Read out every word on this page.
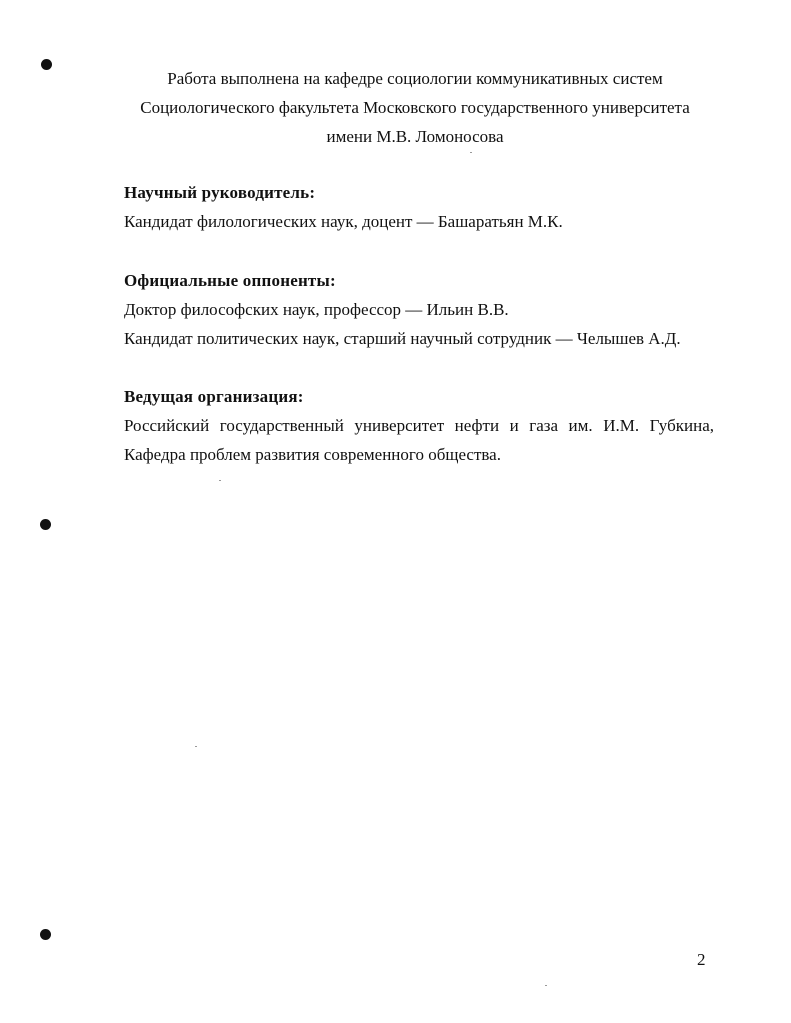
Работа выполнена на кафедре социологии коммуникативных систем
Социологического факультета Московского государственного университета
имени М.В. Ломоносова
Научный руководитель:
Кандидат филологических наук, доцент — Башаратьян М.К.
Официальные оппоненты:
Доктор философских наук, профессор — Ильин В.В.
Кандидат политических наук, старший научный сотрудник — Челышев А.Д.
Ведущая организация:
Российский государственный университет нефти и газа им. И.М. Губкина,
Кафедра проблем развития современного общества.
2
